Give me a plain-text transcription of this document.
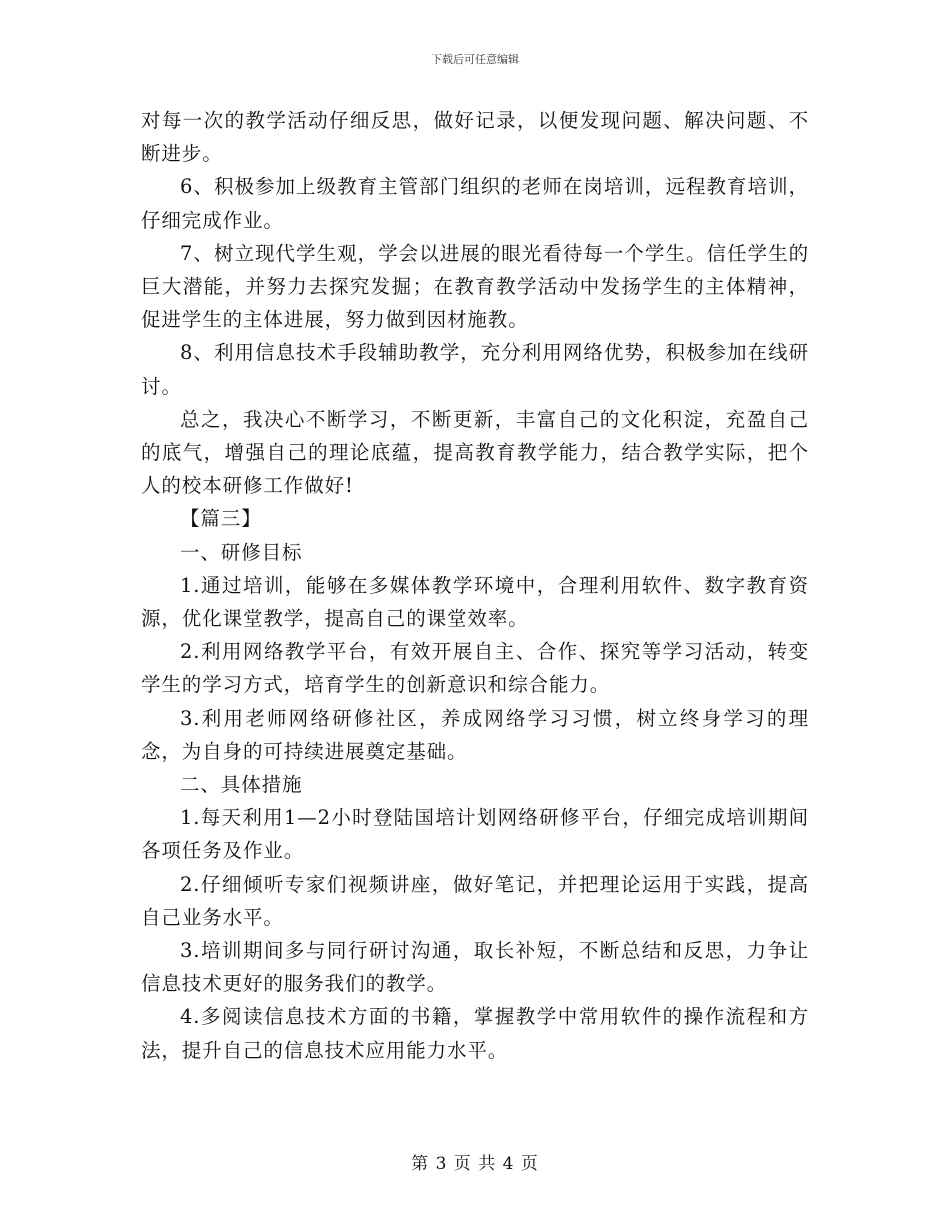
下载后可任意编辑

对每一次的教学活动仔细反思，做好记录，以便发现问题、解决问题、不断进步。

6、积极参加上级教育主管部门组织的老师在岗培训，远程教育培训，仔细完成作业。

7、树立现代学生观，学会以进展的眼光看待每一个学生。信任学生的巨大潜能，并努力去探究发掘；在教育教学活动中发扬学生的主体精神，促进学生的主体进展，努力做到因材施教。

8、利用信息技术手段辅助教学，充分利用网络优势，积极参加在线研讨。

总之，我决心不断学习，不断更新，丰富自己的文化积淀，充盈自己的底气，增强自己的理论底蕴，提高教育教学能力，结合教学实际，把个人的校本研修工作做好!

【篇三】

一、研修目标

1.通过培训，能够在多媒体教学环境中，合理利用软件、数字教育资源，优化课堂教学，提高自己的课堂效率。

2.利用网络教学平台，有效开展自主、合作、探究等学习活动，转变学生的学习方式，培育学生的创新意识和综合能力。

3.利用老师网络研修社区，养成网络学习习惯，树立终身学习的理念，为自身的可持续进展奠定基础。

二、具体措施

1.每天利用1—2小时登陆国培计划网络研修平台，仔细完成培训期间各项任务及作业。

2.仔细倾听专家们视频讲座，做好笔记，并把理论运用于实践，提高自己业务水平。

3.培训期间多与同行研讨沟通，取长补短，不断总结和反思，力争让信息技术更好的服务我们的教学。

4.多阅读信息技术方面的书籍，掌握教学中常用软件的操作流程和方法，提升自己的信息技术应用能力水平。

第 3 页 共 4 页
